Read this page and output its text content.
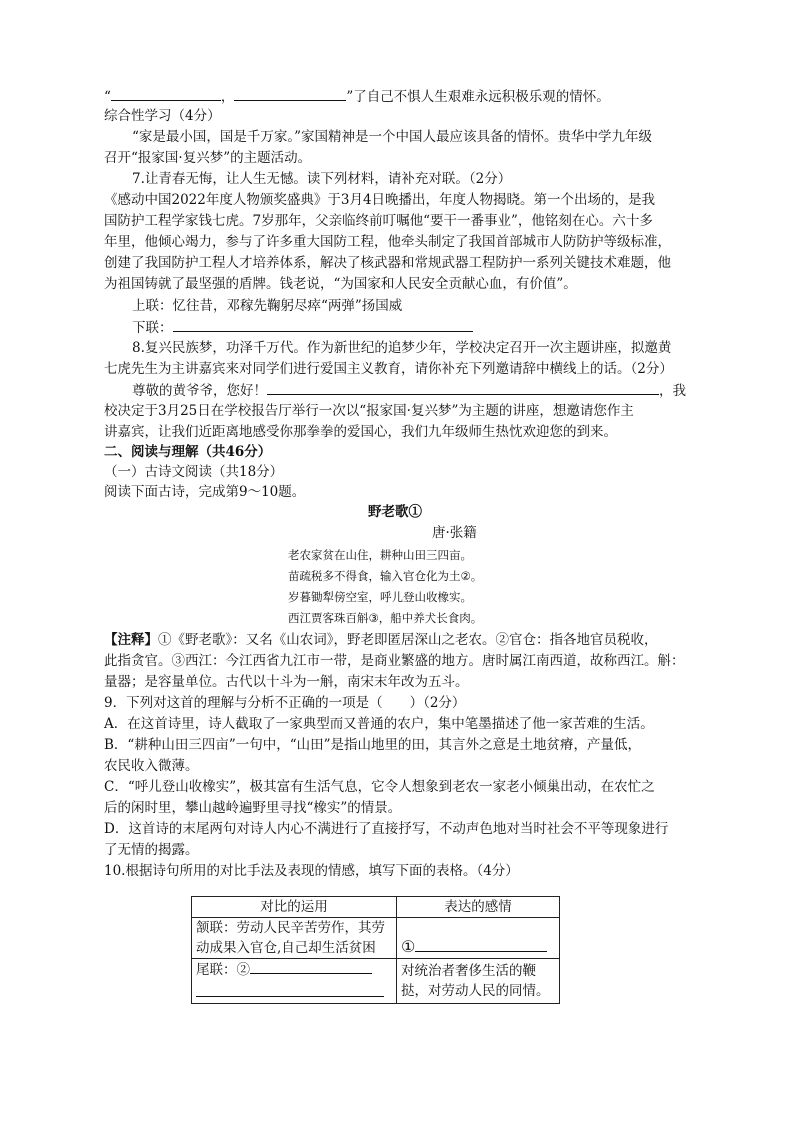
“	，	”了自己不惧人生艰难永远积极乐观的情怀。
综合性学习（4分）
“家是最小国，国是千万家。”家国精神是一个中国人最应该具备的情怀。贵华中学九年级
召开“报家国·复兴梦”的主题活动。
7.让青春无悔，让人生无憾。读下列材料，请补充对联。（2分）
《感动中国2022年度人物颁奖盛典》于3月4日晚播出，年度人物揭晓。第一个出场的，是我
国防护工程学家钱七虎。7岁那年，父亲临终前叮嘱他“要干一番事业”，他铭刻在心。六十多
年里，他倾心竭力，参与了许多重大国防工程，他牵头制定了我国首部城市人防防护等级标准，
创建了我国防护工程人才培养体系，解决了核武器和常规武器工程防护一系列关键技术难题，他
为祖国铸就了最坚强的盾牌。钱老说，“为国家和人民安全贡献心血，有价值”。
上联：忆往昔，邓稼先鞠躬尽瘁“两弹”扬国威
下联：
8.复兴民族梦，功泽千万代。作为新世纪的追梦少年，学校决定召开一次主题讲座，拟邀黄
七虎先生为主讲嘉宾来对同学们进行爱国主义教育，请你补充下列邀请辞中横线上的话。（2分）
尊敬的黄爷爷，您好！	，我
校决定于3月25日在学校报告厅举行一次以“报家国·复兴梦”为主题的讲座，想邀请您作主
讲嘉宾，让我们近距离地感受你那拳拳的爱国心，我们九年级师生热忱欢迎您的到来。
二、阅读与理解（共46分）
（一）古诗文阅读（共18分）
阅读下面古诗，完成第9～10题。
野老歌①
唐·张籍
老农家贫在山住，耕种山田三四亩。
苗疏税多不得食，输入官仓化为土②。
岁暮锄犁傍空室，呼儿登山收橡实。
西江贾客珠百斛③，船中养犬长食肉。
【注释】①《野老歌》：又名《山农词》，野老即匿居深山之老农。②官仓：指各地官员税收，
此指贪官。③西江：今江西省九江市一带，是商业繁盛的地方。唐时属江南西道，故称西江。斛：
量器；是容量单位。古代以十斗为一斛，南宋末年改为五斗。
9．下列对这首的理解与分析不正确的一项是（　　）（2分）
A．在这首诗里，诗人截取了一家典型而又普通的农户，集中笔墨描述了他一家苦难的生活。
B．“耕种山田三四亩”一句中，“山田”是指山地里的田，其言外之意是土地贫瘠，产量低，
农民收入微薄。
C．“呼儿登山收橡实”，极其富有生活气息，它令人想象到老农一家老小倾巢出动，在农忙之
后的闲时里，攀山越岭遍野里寻找“橡实”的情景。
D．这首诗的末尾两句对诗人内心不满进行了直接抒写，不动声色地对当时社会不平等现象进行
了无情的揭露。
10.根据诗句所用的对比手法及表现的情感，填写下面的表格。（4分）
对比的运用	表达的感情

颔联：劳动人民辛苦劳作，其劳
动成果入官仓,自己却生活贫困	①

尾联：②	对统治者奢侈生活的鞭
挞，对劳动人民的同情。
